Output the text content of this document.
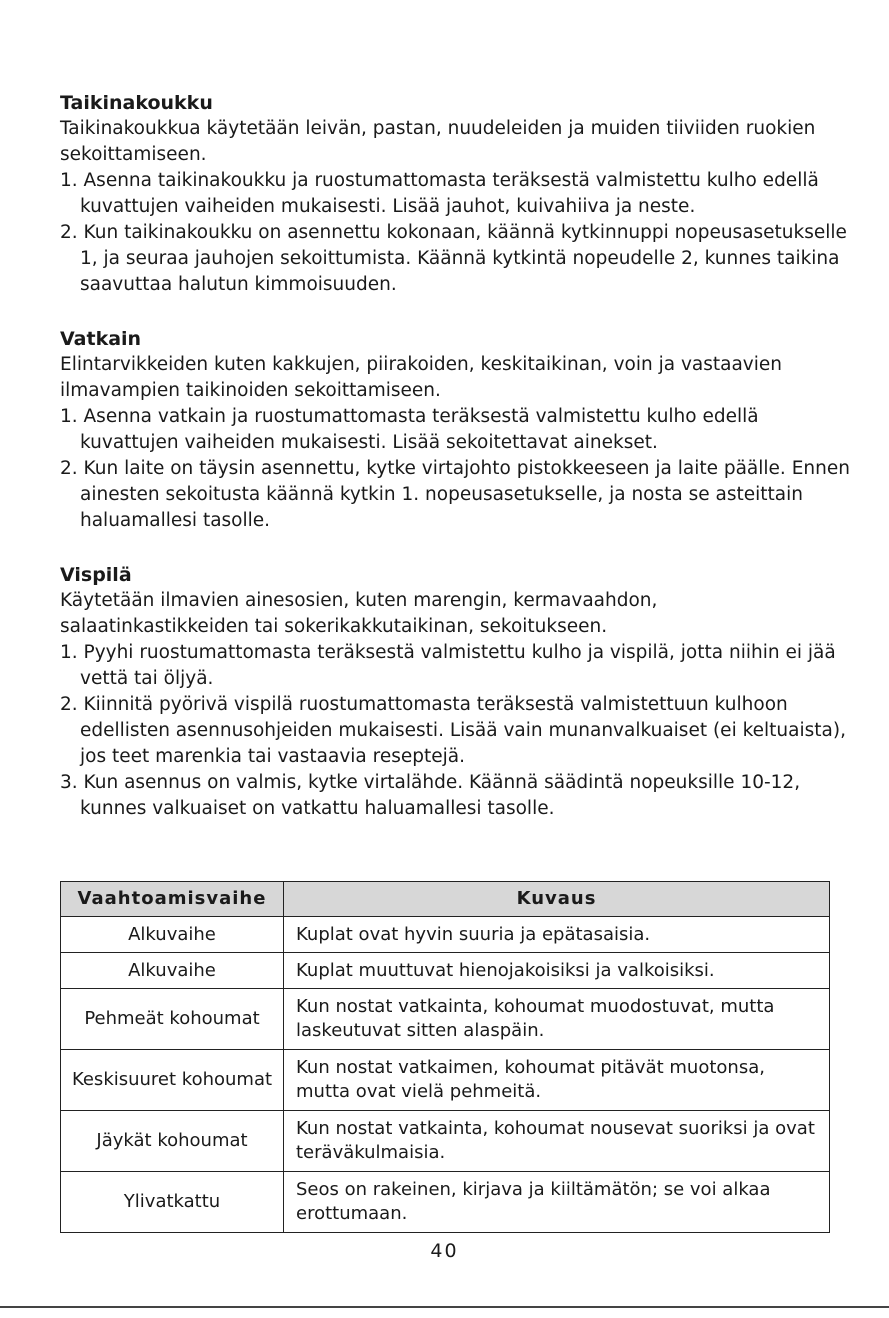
Taikinakoukku

Taikinakoukkua käytetään leivän, pastan, nuudeleiden ja muiden tiiviiden ruokien sekoittamiseen.

1. Asenna taikinakoukku ja ruostumattomasta teräksestä valmistettu kulho edellä kuvattujen vaiheiden mukaisesti. Lisää jauhot, kuivahiiva ja neste.

2. Kun taikinakoukku on asennettu kokonaan, käännä kytkinnuppi nopeusasetukselle 1, ja seuraa jauhojen sekoittumista. Käännä kytkintä nopeudelle 2, kunnes taikina saavuttaa halutun kimmoisuuden.

Vatkain

Elintarvikkeiden kuten kakkujen, piirakoiden, keskitaikinan, voin ja vastaavien ilmavampien taikinoiden sekoittamiseen.

1. Asenna vatkain ja ruostumattomasta teräksestä valmistettu kulho edellä kuvattujen vaiheiden mukaisesti. Lisää sekoitettavat ainekset.

2. Kun laite on täysin asennettu, kytke virtajohto pistokkeeseen ja laite päälle. Ennen ainesten sekoitusta käännä kytkin 1. nopeusasetukselle, ja nosta se asteittain haluamallesi tasolle.

Vispilä

Käytetään ilmavien ainesosien, kuten marengin, kermavaahdon, salaatinkastikkeiden tai sokerikakkutaikinan, sekoitukseen.

1. Pyyhi ruostumattomasta teräksestä valmistettu kulho ja vispilä, jotta niihin ei jää vettä tai öljyä.

2. Kiinnitä pyörivä vispilä ruostumattomasta teräksestä valmistettuun kulhoon edellisten asennusohjeiden mukaisesti. Lisää vain munanvalkuaiset (ei keltuaista), jos teet marenkia tai vastaavia reseptejä.

3. Kun asennus on valmis, kytke virtalähde. Käännä säädintä nopeuksille 10-12, kunnes valkuaiset on vatkattu haluamallesi tasolle.

Vaahtoamisvaihe	Kuvaus
Alkuvaihe	Kuplat ovat hyvin suuria ja epätasaisia.
Alkuvaihe	Kuplat muuttuvat hienojakoisiksi ja valkoisiksi.
Pehmeät kohoumat	Kun nostat vatkainta, kohoumat muodostuvat, mutta laskeutuvat sitten alaspäin.
Keskisuuret kohoumat	Kun nostat vatkaimen, kohoumat pitävät muotonsa, mutta ovat vielä pehmeitä.
Jäykät kohoumat	Kun nostat vatkainta, kohoumat nousevat suoriksi ja ovat teräväkulmaisia.
Ylivatkattu	Seos on rakeinen, kirjava ja kiiltämätön; se voi alkaa erottumaan.
40
